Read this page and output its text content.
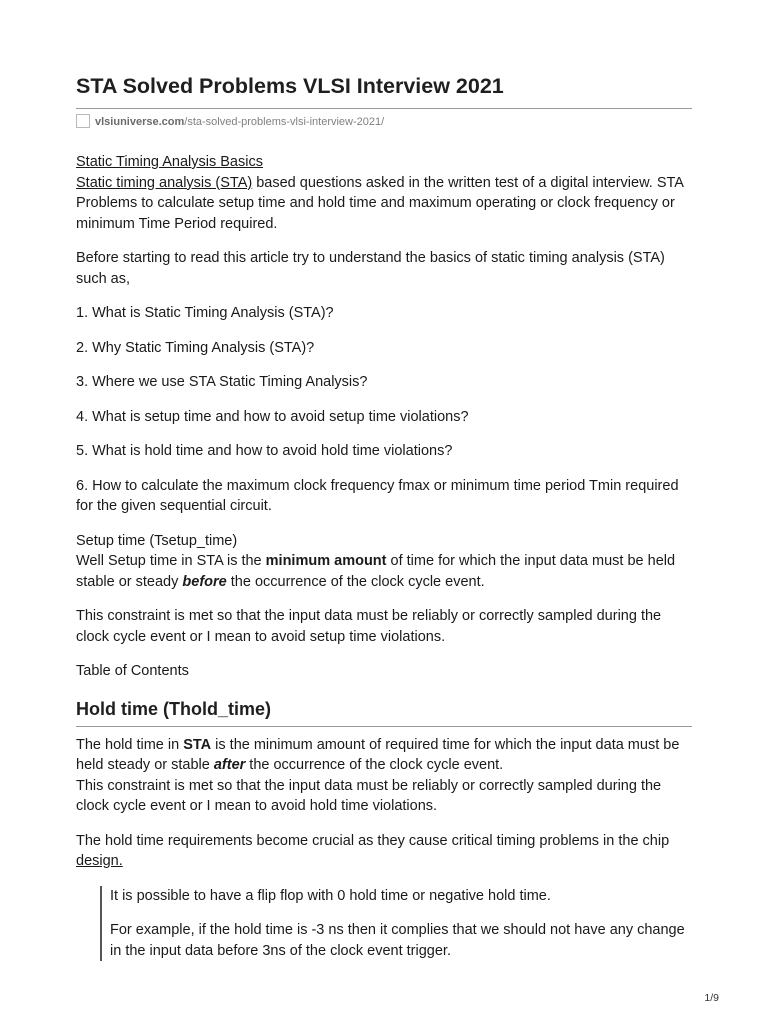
STA Solved Problems VLSI Interview 2021
vlsiuniverse.com/sta-solved-problems-vlsi-interview-2021/

Static Timing Analysis Basics
Static timing analysis (STA) based questions asked in the written test of a digital interview. STA Problems to calculate setup time and hold time and maximum operating or clock frequency or minimum Time Period required.

Before starting to read this article try to understand the basics of static timing analysis (STA) such as,

1. What is Static Timing Analysis (STA)?

2. Why Static Timing Analysis (STA)?

3. Where we use STA Static Timing Analysis?

4. What is setup time and how to avoid setup time violations?

5. What is hold time and how to avoid hold time violations?

6. How to calculate the maximum clock frequency fmax or minimum time period Tmin required for the given sequential circuit.

Setup time (Tsetup_time)
Well Setup time in STA is the minimum amount of time for which the input data must be held stable or steady before the occurrence of the clock cycle event.

This constraint is met so that the input data must be reliably or correctly sampled during the clock cycle event or I mean to avoid setup time violations.

Table of Contents

Hold time (Thold_time)

The hold time in STA is the minimum amount of required time for which the input data must be held steady or stable after the occurrence of the clock cycle event.
This constraint is met so that the input data must be reliably or correctly sampled during the clock cycle event or I mean to avoid hold time violations.

The hold time requirements become crucial as they cause critical timing problems in the chip design.

It is possible to have a flip flop with 0 hold time or negative hold time.

For example, if the hold time is -3 ns then it complies that we should not have any change in the input data before 3ns of the clock event trigger.

1/9
